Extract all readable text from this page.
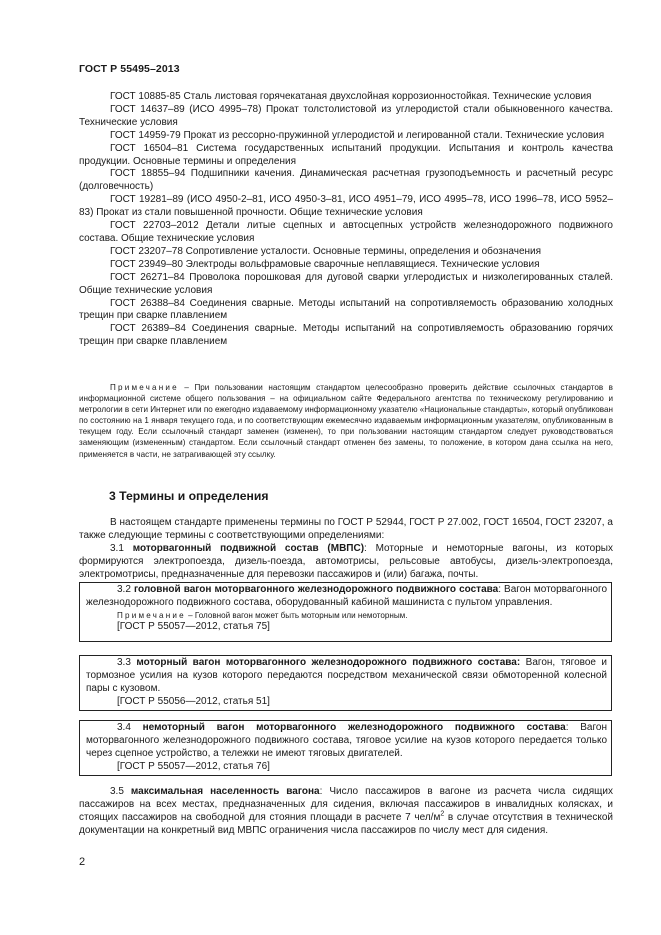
ГОСТ Р 55495–2013

ГОСТ 10885-85 Сталь листовая горячекатаная двухслойная коррозионностойкая. Технические условия

ГОСТ 14637–89 (ИСО 4995–78) Прокат толстолистовой из углеродистой стали обыкновенного качества. Технические условия

ГОСТ 14959-79 Прокат из рессорно-пружинной углеродистой и легированной стали. Технические условия

ГОСТ 16504–81 Система государственных испытаний продукции. Испытания и контроль качества продукции. Основные термины и определения

ГОСТ 18855–94 Подшипники качения. Динамическая расчетная грузоподъемность и расчетный ресурс (долговечность)

ГОСТ 19281–89 (ИСО 4950-2–81, ИСО 4950-3–81, ИСО 4951–79, ИСО 4995–78, ИСО 1996–78, ИСО 5952–83) Прокат из стали повышенной прочности. Общие технические условия

ГОСТ 22703–2012 Детали литые сцепных и автосцепных устройств железнодорожного подвижного состава. Общие технические условия

ГОСТ 23207–78 Сопротивление усталости. Основные термины, определения и обозначения

ГОСТ 23949–80 Электроды вольфрамовые сварочные неплавящиеся. Технические условия

ГОСТ 26271–84 Проволока порошковая для дуговой сварки углеродистых и низколегированных сталей. Общие технические условия

ГОСТ 26388–84 Соединения сварные. Методы испытаний на сопротивляемость образованию холодных трещин при сварке плавлением

ГОСТ 26389–84 Соединения сварные. Методы испытаний на сопротивляемость образованию горячих трещин при сварке плавлением

Примечание – При пользовании настоящим стандартом целесообразно проверить действие ссылочных стандартов в информационной системе общего пользования – на официальном сайте Федерального агентства по техническому регулированию и метрологии в сети Интернет или по ежегодно издаваемому информационному указателю «Национальные стандарты», который опубликован по состоянию на 1 января текущего года, и по соответствующим ежемесячно издаваемым информационным указателям, опубликованным в текущем году. Если ссылочный стандарт заменен (изменен), то при пользовании настоящим стандартом следует руководствоваться заменяющим (измененным) стандартом. Если ссылочный стандарт отменен без замены, то положение, в котором дана ссылка на него, применяется в части, не затрагивающей эту ссылку.
3 Термины и определения

В настоящем стандарте применены термины по ГОСТ Р 52944, ГОСТ Р 27.002, ГОСТ 16504, ГОСТ 23207, а также следующие термины с соответствующими определениями:

3.1 моторвагонный подвижной состав (МВПС): Моторные и немоторные вагоны, из которых формируются электропоезда, дизель-поезда, автомотрисы, рельсовые автобусы, дизель-электропоезда, электромотрисы, предназначенные для перевозки пассажиров и (или) багажа, почты.

3.2 головной вагон моторвагонного железнодорожного подвижного состава: Вагон моторвагонного железнодорожного подвижного состава, оборудованный кабиной машиниста с пультом управления.

Примечание – Головной вагон может быть моторным или немоторным.

[ГОСТ Р 55057—2012, статья 75]

3.3 моторный вагон моторвагонного железнодорожного подвижного состава: Вагон, тяговое и тормозное усилия на кузов которого передаются посредством механической связи обмоторенной колесной пары с кузовом.

[ГОСТ Р 55056—2012, статья 51]

3.4 немоторный вагон моторвагонного железнодорожного подвижного состава: Вагон моторвагонного железнодорожного подвижного состава, тяговое усилие на кузов которого передается только через сцепное устройство, а тележки не имеют тяговых двигателей.

[ГОСТ Р 55057—2012, статья 76]

3.5 максимальная населенность вагона: Число пассажиров в вагоне из расчета числа сидящих пассажиров на всех местах, предназначенных для сидения, включая пассажиров в инвалидных колясках, и стоящих пассажиров на свободной для стояния площади в расчете 7 чел/$м^2$ в случае отсутствия в технической документации на конкретный вид МВПС ограничения числа пассажиров по числу мест для сидения.

2
